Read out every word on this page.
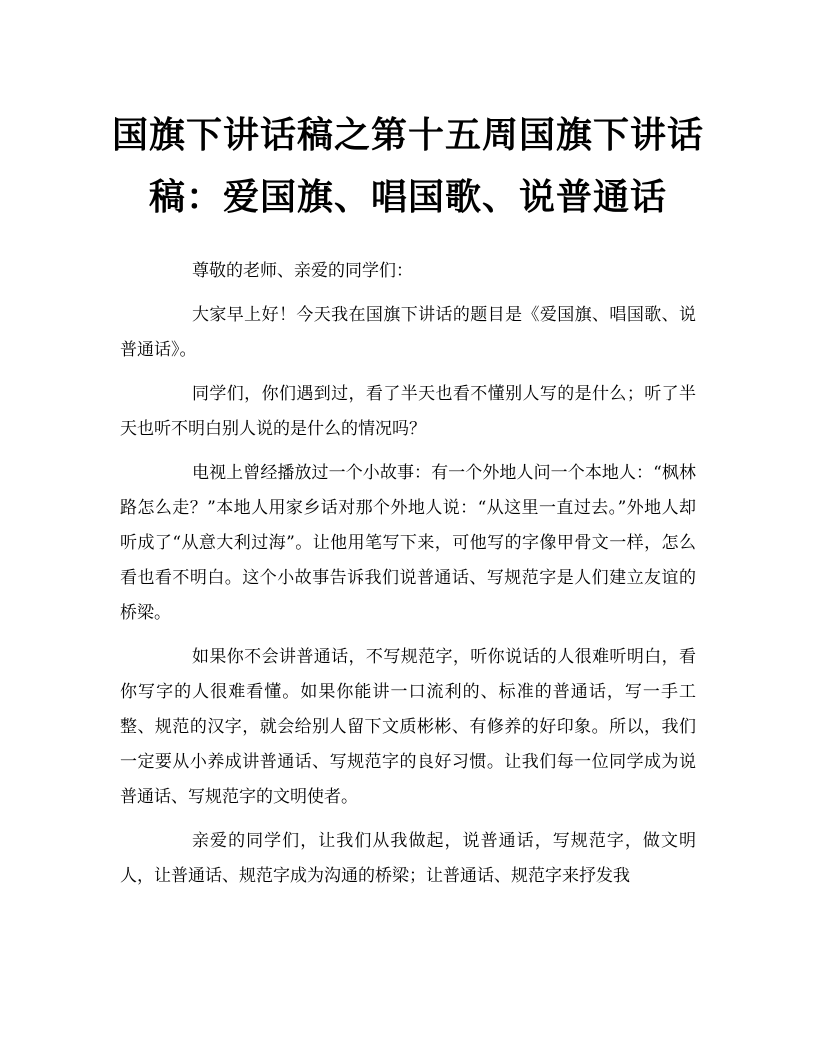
国旗下讲话稿之第十五周国旗下讲话稿：爱国旗、唱国歌、说普通话

尊敬的老师、亲爱的同学们：

大家早上好！今天我在国旗下讲话的题目是《爱国旗、唱国歌、说普通话》。

同学们，你们遇到过，看了半天也看不懂别人写的是什么；听了半天也听不明白别人说的是什么的情况吗？

电视上曾经播放过一个小故事：有一个外地人问一个本地人：“枫林路怎么走？”本地人用家乡话对那个外地人说：“从这里一直过去。”外地人却听成了“从意大利过海”。让他用笔写下来，可他写的字像甲骨文一样，怎么看也看不明白。这个小故事告诉我们说普通话、写规范字是人们建立友谊的桥梁。

如果你不会讲普通话，不写规范字，听你说话的人很难听明白，看你写字的人很难看懂。如果你能讲一口流利的、标准的普通话，写一手工整、规范的汉字，就会给别人留下文质彬彬、有修养的好印象。所以，我们一定要从小养成讲普通话、写规范字的良好习惯。让我们每一位同学成为说普通话、写规范字的文明使者。

亲爱的同学们，让我们从我做起，说普通话，写规范字，做文明人，让普通话、规范字成为沟通的桥梁；让普通话、规范字来抒发我
